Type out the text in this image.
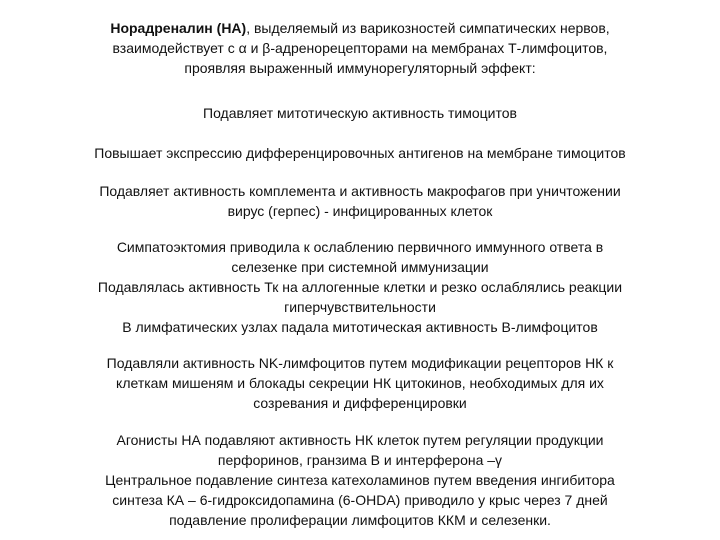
Норадреналин (НА), выделяемый из варикозностей симпатических нервов,
взаимодействует с α и β-адренорецепторами на мембранах Т-лимфоцитов,
проявляя выраженный иммунорегуляторный эффект:
Подавляет митотическую активность тимоцитов
Повышает экспрессию дифференцировочных антигенов на мембране тимоцитов
Подавляет активность комплемента и активность макрофагов при уничтожении
вирус (герпес) - инфицированных клеток
Симпатоэктомия приводила к ослаблению первичного иммунного ответа в
селезенке при системной иммунизации
Подавлялась активность Тк на аллогенные клетки и резко ослаблялись реакции
гиперчувствительности
В лимфатических узлах падала митотическая активность В-лимфоцитов
Подавляли активность NK-лимфоцитов путем модификации рецепторов НК к
клеткам мишеням и блокады секреции НК цитокинов, необходимых для их
созревания и дифференцировки
Агонисты НА подавляют активность НК клеток путем регуляции продукции
перфоринов, гранзима В и интерферона –γ
Центральное подавление синтеза катехоламинов путем введения ингибитора
синтеза КА – 6-гидроксидопамина (6-ОНDA) приводило у крыс через 7 дней
подавление пролиферации лимфоцитов ККМ и селезенки.
